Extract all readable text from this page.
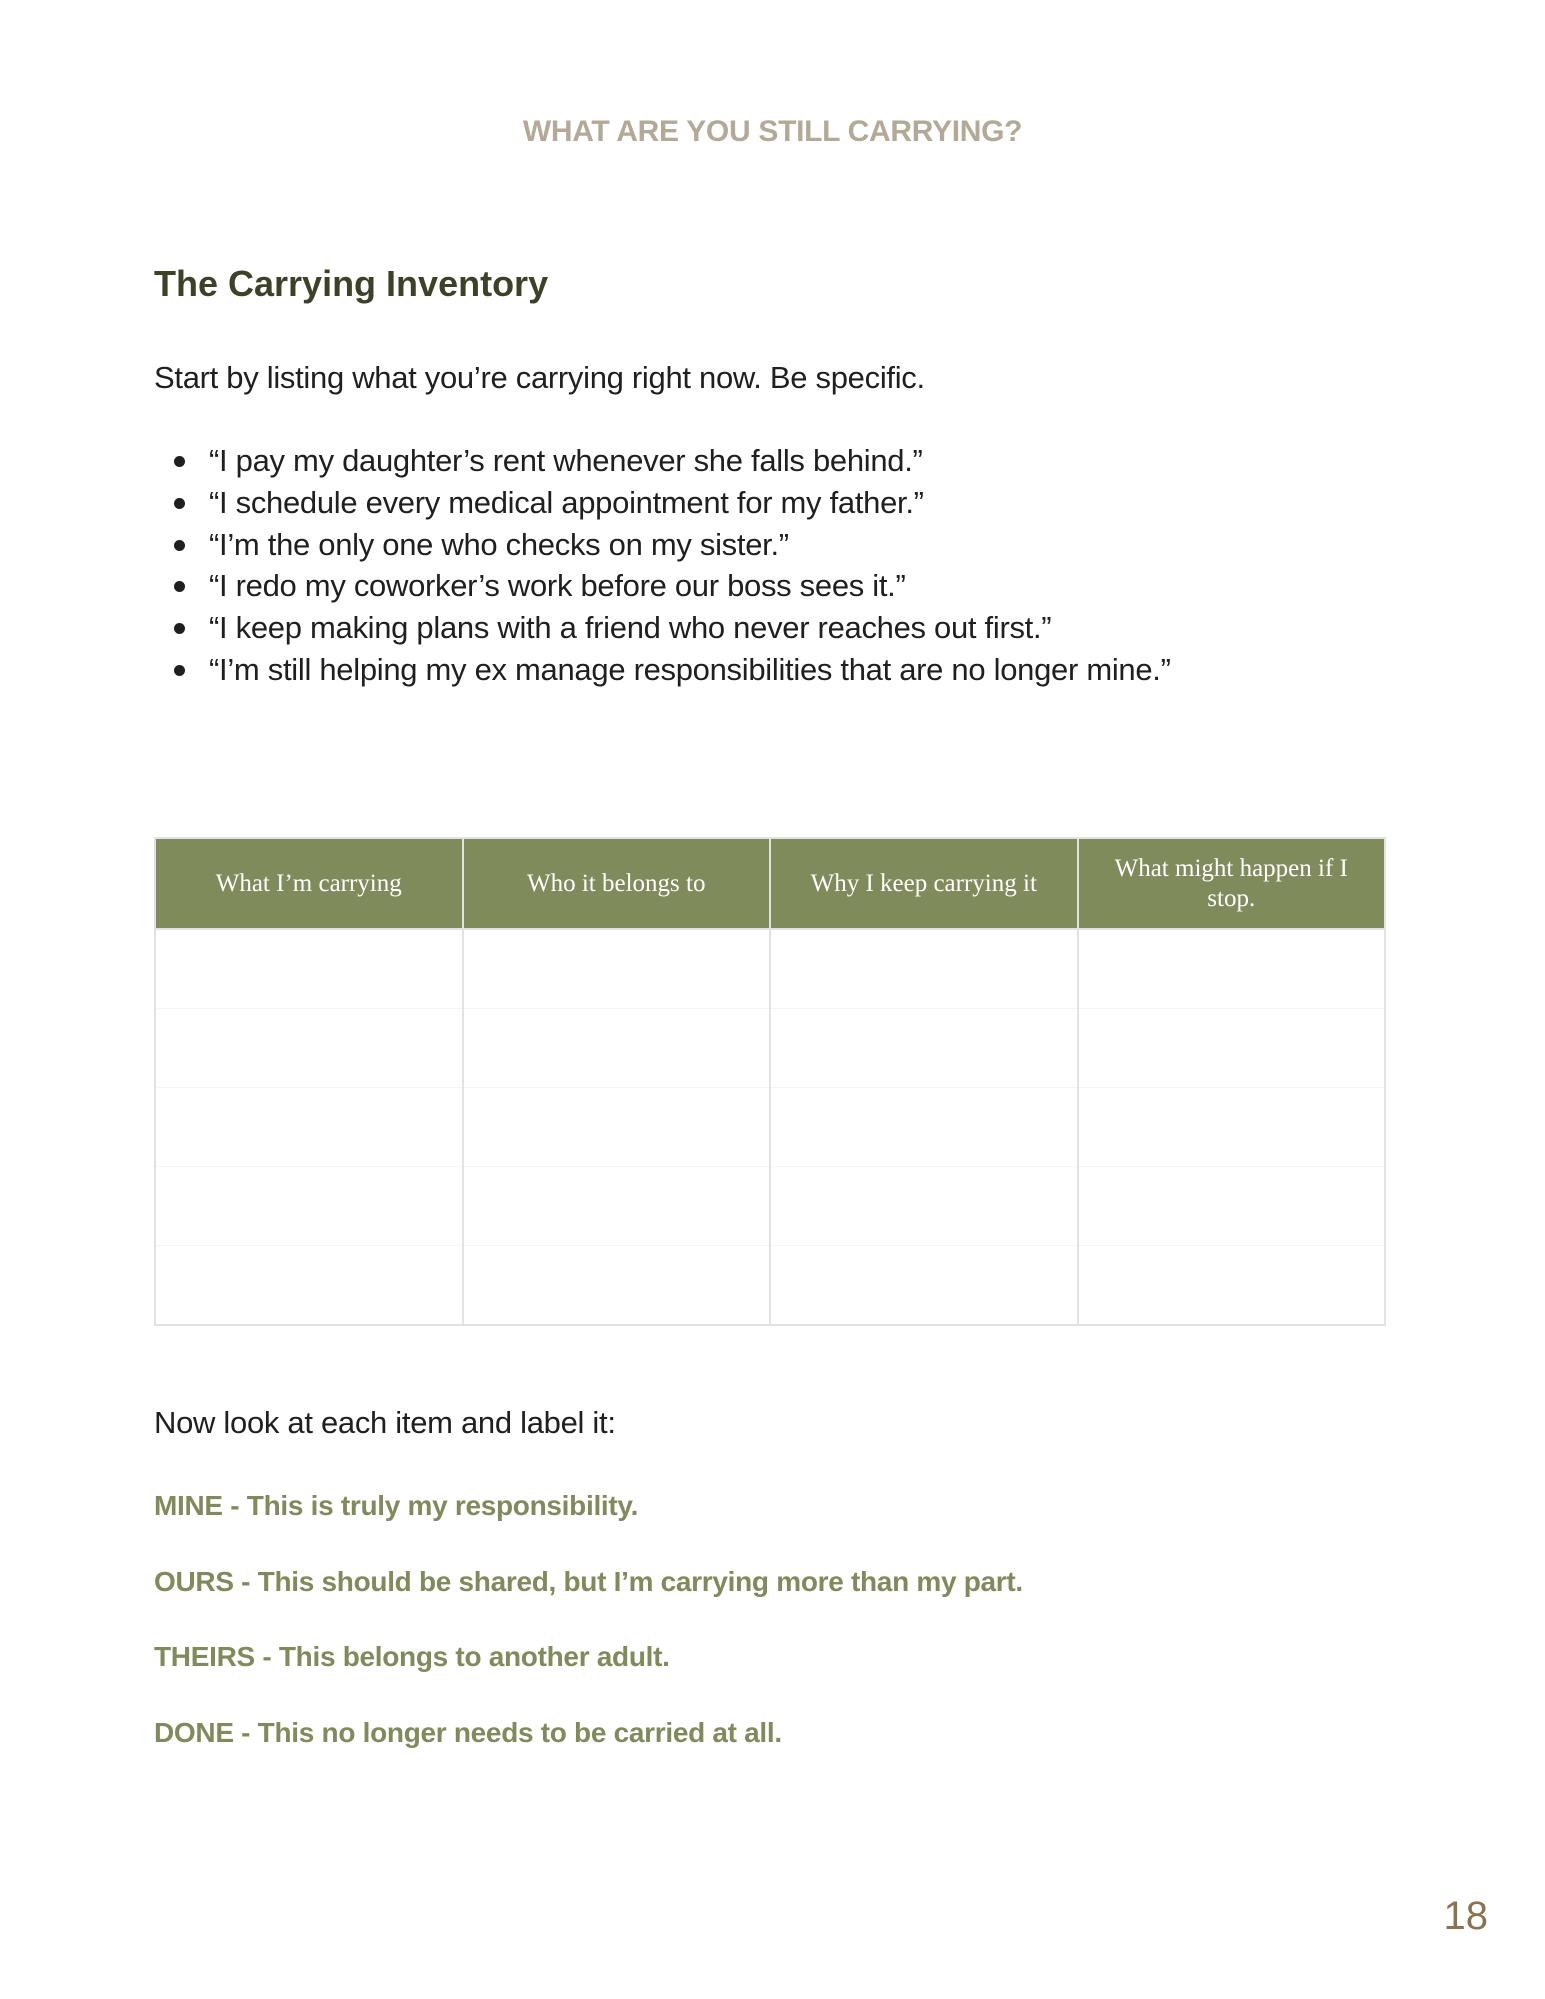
WHAT ARE YOU STILL CARRYING?
The Carrying Inventory

Start by listing what you’re carrying right now. Be specific.

“I pay my daughter’s rent whenever she falls behind.”
“I schedule every medical appointment for my father.”
“I’m the only one who checks on my sister.”
“I redo my coworker’s work before our boss sees it.”
“I keep making plans with a friend who never reaches out first.”
“I’m still helping my ex manage responsibilities that are no longer mine.”
What I’m carrying	Who it belongs to	Why I keep carrying it	What might happen if I stop.

Now look at each item and label it:

MINE - This is truly my responsibility.
OURS - This should be shared, but I’m carrying more than my part.
THEIRS - This belongs to another adult.
DONE - This no longer needs to be carried at all.
18
